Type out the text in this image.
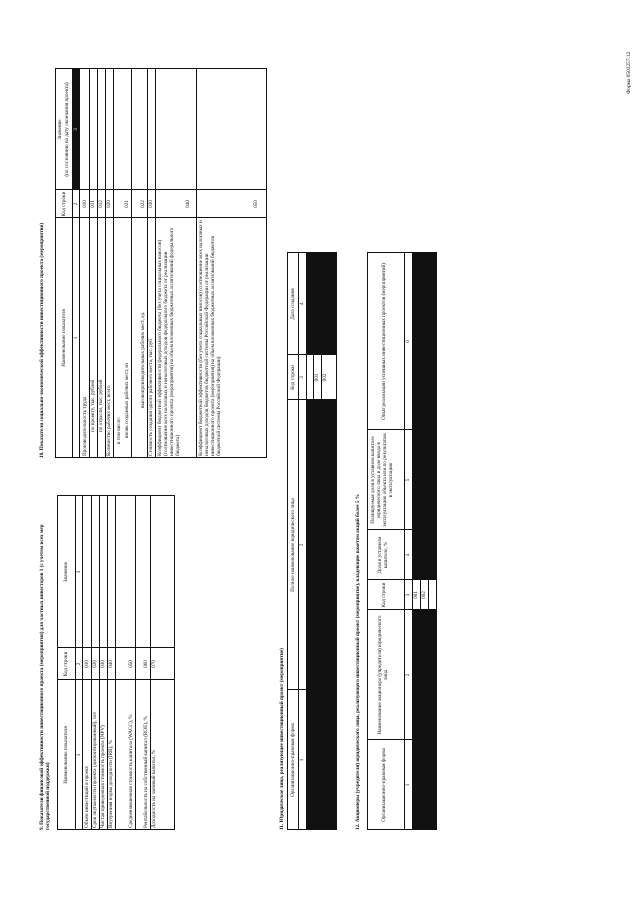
9. Показатели финансовой эффективности инвестиционного проекта (мероприятия) для частных инвесторов 1 (с учетом всех мер государственной поддержки)
Наименование показателя
Код строки
Значение
1
2
3
Объем инвестиций в проект
010
Срок окупаемости проекта (дисконтированный), лет
020
Чистая приведенная стоимость проекта (NPV)
030
Внутренняя норма доходности (IRR), %
040
Средневзвешенная стоимость капитала (WACC), %
050
Рентабельность на собственный капитал (ROE), %
060
Доходность на заемный капитал, %
070
10. Показатели социально-экономической эффективности инвестиционного проекта (мероприятия)	Наименование показателя
Код строки
Значение (по состоянию на дату окончания проекта)
1
2
3
Производительность труда
010
по проекту, тыс. рублей
011
по отрасли, тыс. рублей
012
Количество рабочих мест, всего
020
в том числе: вновь созданных рабочих мест, из
021
высокопроизводительных рабочих мест, ед.
022
Стоимость создания одного рабочего места, тыс. руб
030
Коэффициент бюджетной эффективности федерального бюджета (без учета социальных взносов) (соотношение всех налоговых и неналоговых доходов федерального бюджета от реализации инвестиционного проекта (мероприятия) на объем вложенных бюджетных ассигнований федерального бюджета)
040
Коэффициент бюджетной эффективности (без учета социальных взносов) (соотношение всех налоговых и неналоговых доходов бюджетов бюджетной системы Российской Федерации от реализации инвестиционного проекта (мероприятия) на объем вложенных бюджетных ассигнований бюджетов бюджетной системы Российской Федерации)
050
11. Юридическое лицо, реализующее инвестиционный проект (мероприятие) Организационно-правовая форма
Полное наименование юридического лица
Код строки
Дата создания
1
2
3
4
001 002
12. Акционеры (учредители) юридического лица, реализующего инвестиционный проект (мероприятие), владеющие пакетом акций более 5 %	Организационно-правовая форма
Наименование акционера (учредителя) юридического лица
Код строки
Доля в уставном капитале, %
Планируемая доля в уставном капитале юридического лица в доле ввода в эксплуатацию объекта или по результатам в эксплуатацию
Опыт реализации успешных инвестиционных проектов (мероприятий)
1
2
3
4
5
6
001 002
Форма 0503257.12
